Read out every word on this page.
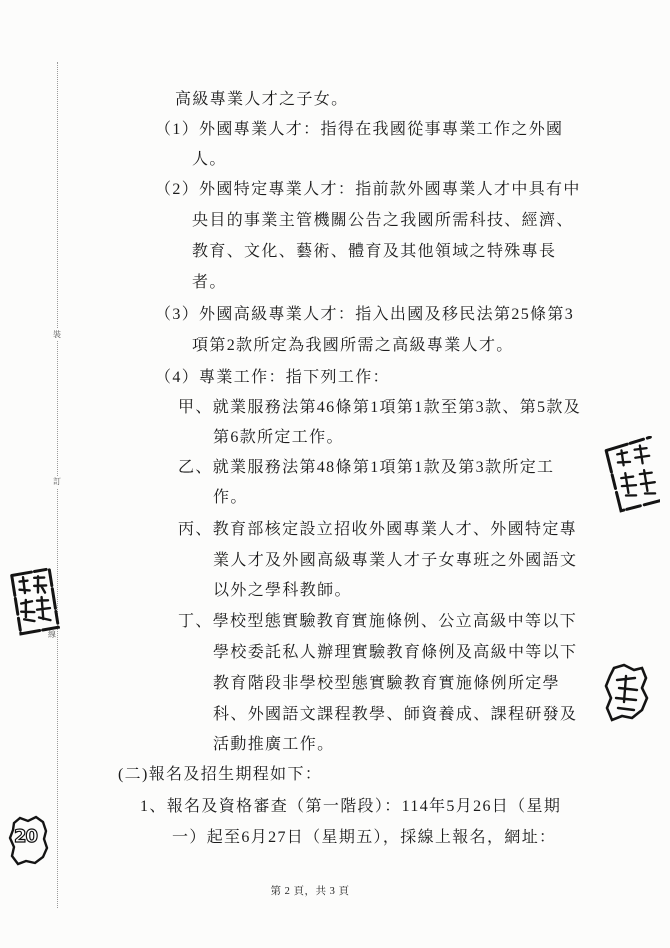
裝
訂
線
高級專業人才之子女。
（1）外國專業人才：指得在我國從事專業工作之外國
人。
（2）外國特定專業人才：指前款外國專業人才中具有中
央目的事業主管機關公告之我國所需科技、經濟、
教育、文化、藝術、體育及其他領域之特殊專長
者。
（3）外國高級專業人才：指入出國及移民法第25條第3
項第2款所定為我國所需之高級專業人才。
（4）專業工作：指下列工作：
甲、就業服務法第46條第1項第1款至第3款、第5款及
第6款所定工作。
乙、就業服務法第48條第1項第1款及第3款所定工
作。
丙、教育部核定設立招收外國專業人才、外國特定專
業人才及外國高級專業人才子女專班之外國語文
以外之學科教師。
丁、學校型態實驗教育實施條例、公立高級中等以下
學校委託私人辦理實驗教育條例及高級中等以下
教育階段非學校型態實驗教育實施條例所定學
科、外國語文課程教學、師資養成、課程研發及
活動推廣工作。
(二)報名及招生期程如下：
1、報名及資格審查（第一階段）：114年5月26日（星期
一）起至6月27日（星期五），採線上報名，網址：
第 2 頁，共 3 頁
20
